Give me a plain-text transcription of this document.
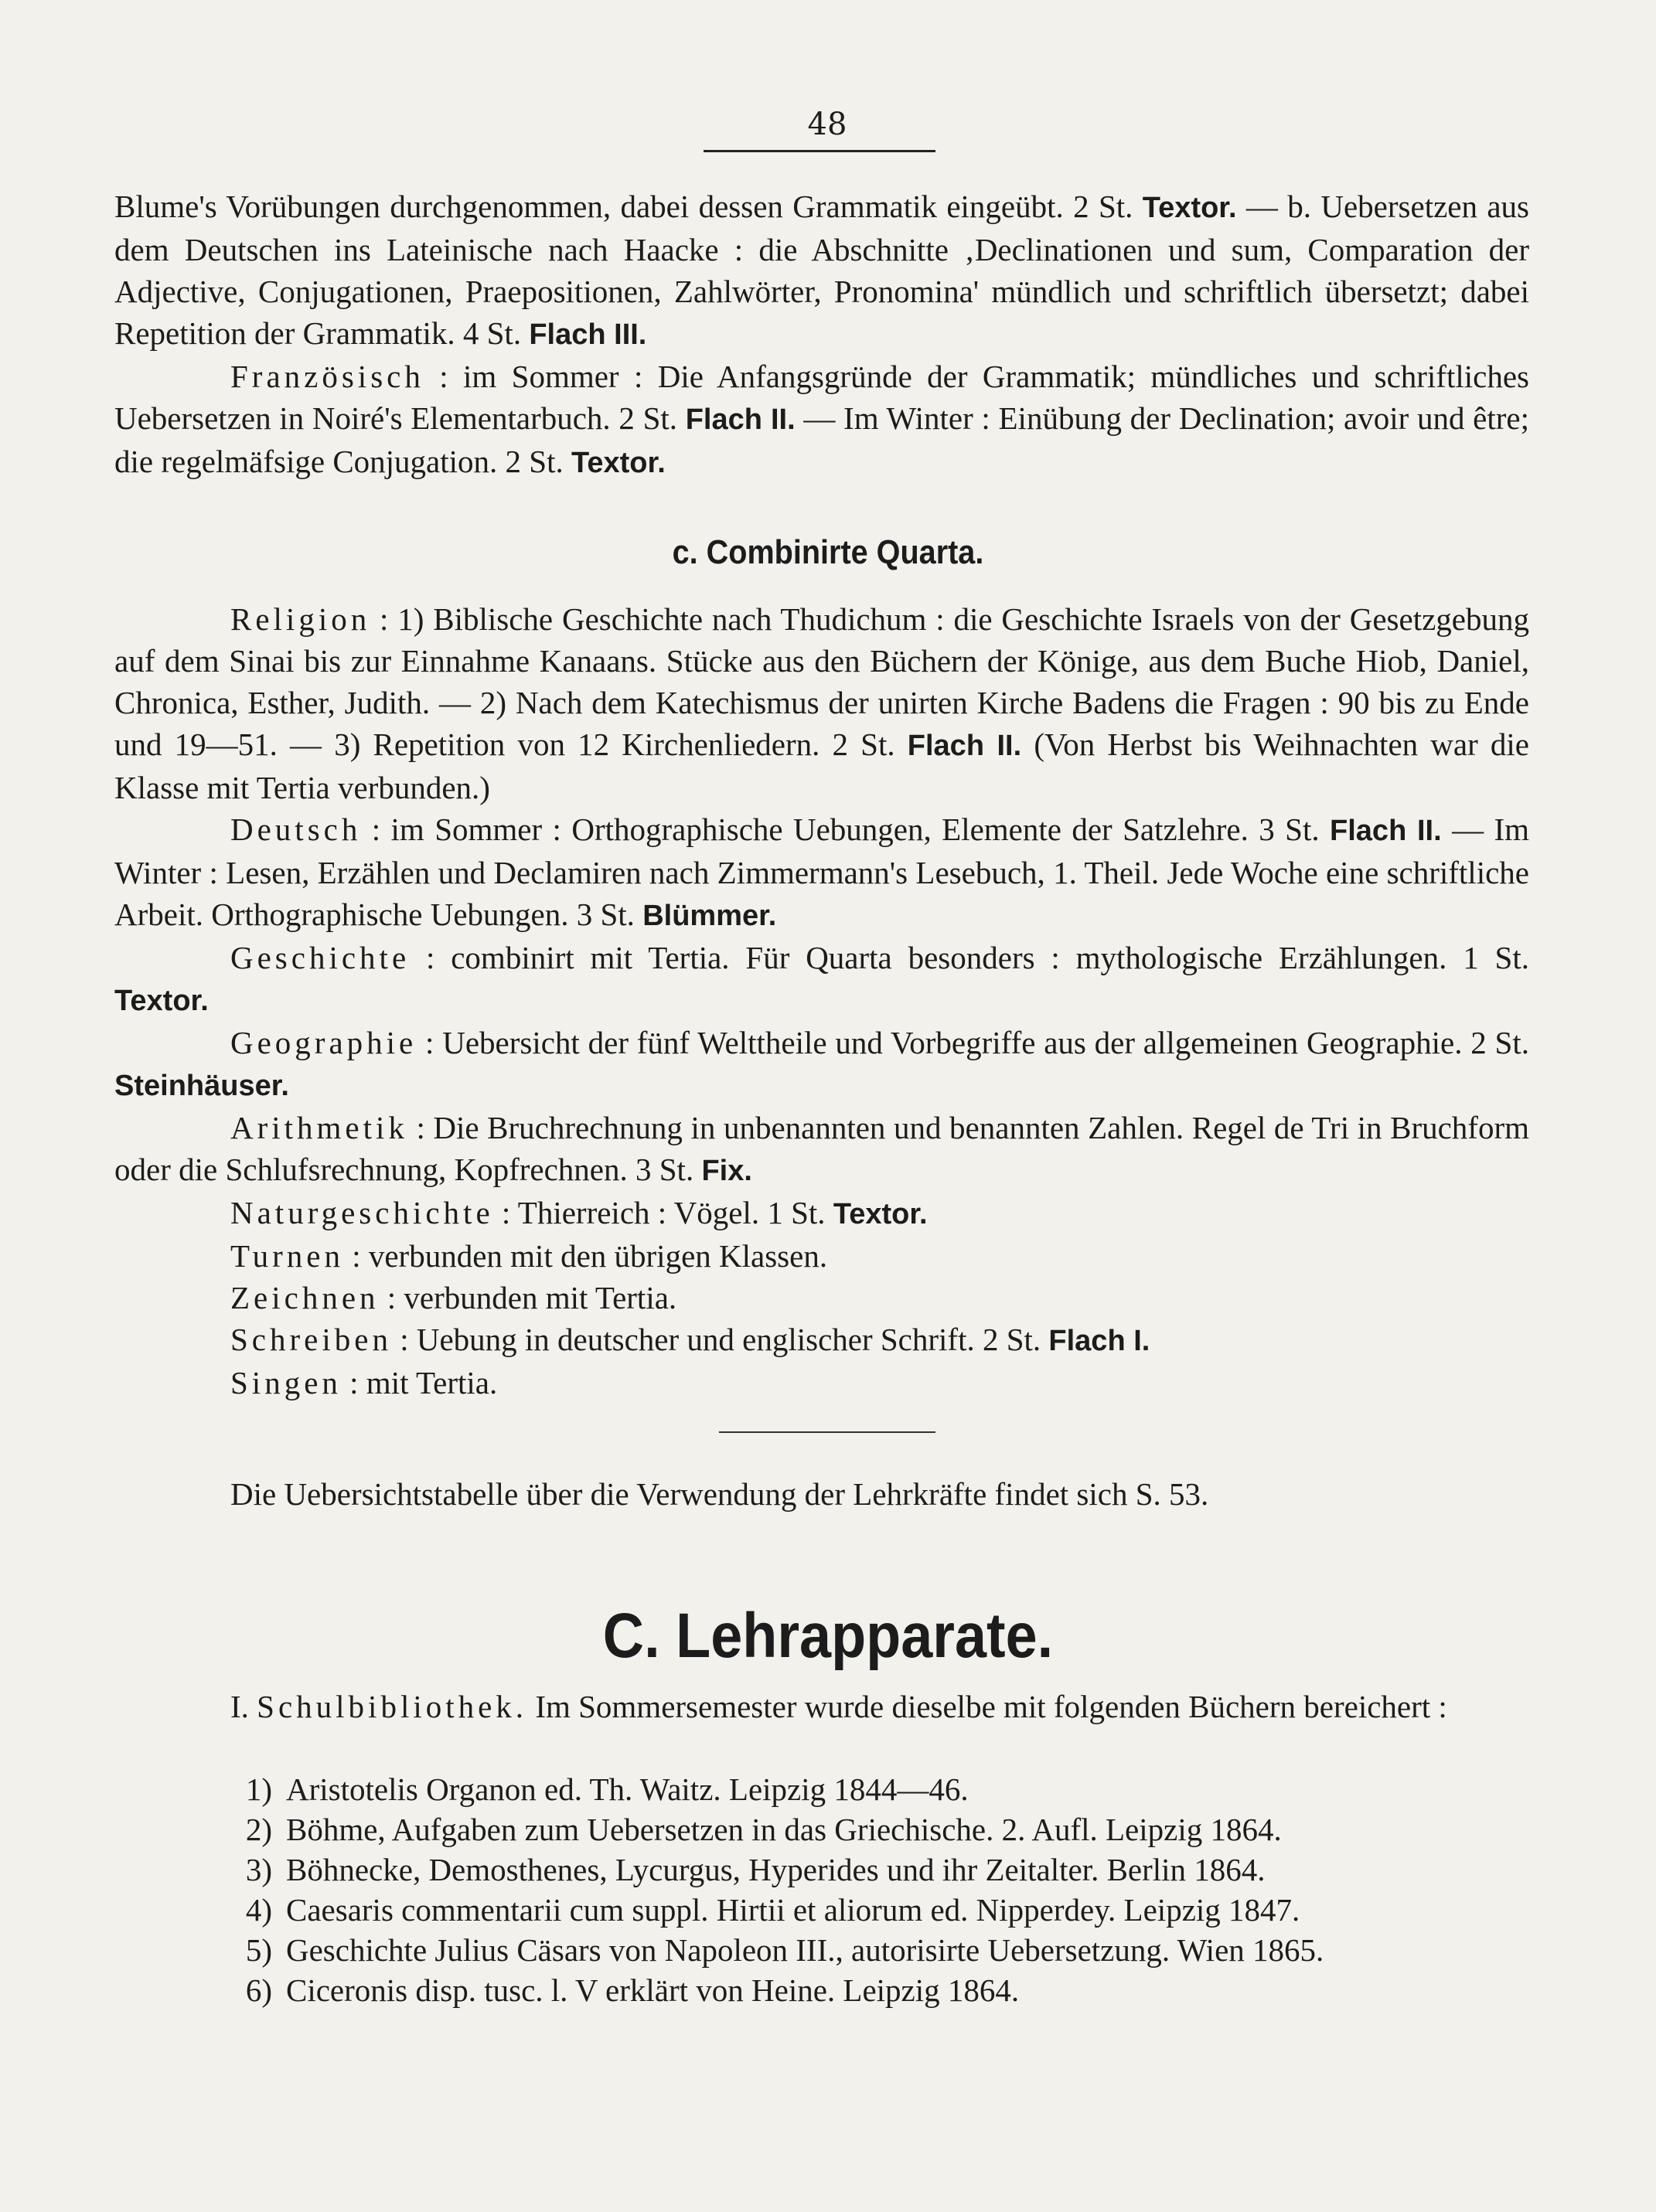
48

Blume's Vorübungen durchgenommen, dabei dessen Grammatik eingeübt. 2 St. Textor. — b. Uebersetzen aus dem Deutschen ins Lateinische nach Haacke : die Abschnitte ‚Declinationen und sum, Comparation der Adjective, Conjugationen, Praepositionen, Zahlwörter, Pronomina' mündlich und schriftlich übersetzt; dabei Repetition der Grammatik. 4 St. Flach III.

Französisch : im Sommer : Die Anfangsgründe der Grammatik; mündliches und schriftliches Uebersetzen in Noiré's Elementarbuch. 2 St. Flach II. — Im Winter : Einübung der Declination; avoir und être; die regelmäfsige Conjugation. 2 St. Textor.

c. Combinirte Quarta.

Religion : 1) Biblische Geschichte nach Thudichum : die Geschichte Israels von der Gesetzgebung auf dem Sinai bis zur Einnahme Kanaans. Stücke aus den Büchern der Könige, aus dem Buche Hiob, Daniel, Chronica, Esther, Judith. — 2) Nach dem Katechismus der unirten Kirche Badens die Fragen : 90 bis zu Ende und 19—51. — 3) Repetition von 12 Kirchenliedern. 2 St. Flach II. (Von Herbst bis Weihnachten war die Klasse mit Tertia verbunden.)

Deutsch : im Sommer : Orthographische Uebungen, Elemente der Satzlehre. 3 St. Flach II. — Im Winter : Lesen, Erzählen und Declamiren nach Zimmermann's Lesebuch, 1. Theil. Jede Woche eine schriftliche Arbeit. Orthographische Uebungen. 3 St. Blümmer.

Geschichte : combinirt mit Tertia. Für Quarta besonders : mythologische Erzählungen. 1 St. Textor.

Geographie : Uebersicht der fünf Welttheile und Vorbegriffe aus der allgemeinen Geographie. 2 St. Steinhäuser.

Arithmetik : Die Bruchrechnung in unbenannten und benannten Zahlen. Regel de Tri in Bruchform oder die Schlufsrechnung, Kopfrechnen. 3 St. Fix.

Naturgeschichte : Thierreich : Vögel. 1 St. Textor.

Turnen : verbunden mit den übrigen Klassen.

Zeichnen : verbunden mit Tertia.

Schreiben : Uebung in deutscher und englischer Schrift. 2 St. Flach I.

Singen : mit Tertia.

Die Uebersichtstabelle über die Verwendung der Lehrkräfte findet sich S. 53.

C. Lehrapparate.

I. Schulbibliothek. Im Sommersemester wurde dieselbe mit folgenden Büchern bereichert :

1) Aristotelis Organon ed. Th. Waitz. Leipzig 1844—46.
2) Böhme, Aufgaben zum Uebersetzen in das Griechische. 2. Aufl. Leipzig 1864.
3) Böhnecke, Demosthenes, Lycurgus, Hyperides und ihr Zeitalter. Berlin 1864.
4) Caesaris commentarii cum suppl. Hirtii et aliorum ed. Nipperdey. Leipzig 1847.
5) Geschichte Julius Cäsars von Napoleon III., autorisirte Uebersetzung. Wien 1865.
6) Ciceronis disp. tusc. l. V erklärt von Heine. Leipzig 1864.
